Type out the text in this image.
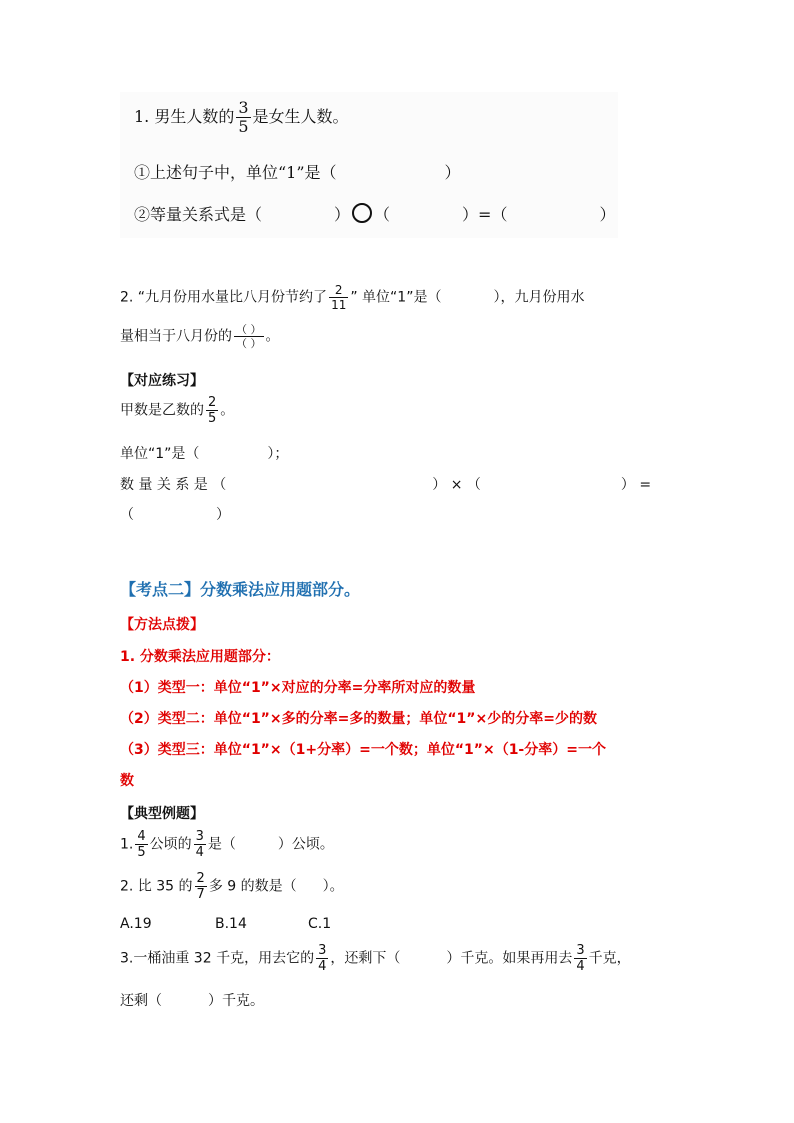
1. 男生人数的 $\frac{3}{5}$ 是女生人数。
①上述句子中，单位“1”是（	）
②等量关系式是（	） （	）=（	）
2. “九月份用水量比八月份节约了 $\frac{2}{11}$ ” 单位“1”是（	），九月份用水
量相当于八月份的 $\frac{( )}{( )}$ 。
【对应练习】
甲数是乙数的 $\frac{2}{5}$ 。
单位“1”是（	）；
数 量 关 系 是 （	） × （	） =
（	）
【考点二】分数乘法应用题部分。
【方法点拨】
1. 分数乘法应用题部分：
（1）类型一：单位“1”×对应的分率=分率所对应的数量
（2）类型二：单位“1”×多的分率=多的数量；单位“1”×少的分率=少的数
（3）类型三：单位“1”×（1+分率）=一个数；单位“1”×（1-分率）=一个
数
【典型例题】
1. $\frac{4}{5}$ 公顷的 $\frac{3}{4}$ 是（	）公顷。
2. 比 35 的 $\frac{2}{7}$ 多 9 的数是（ ）。
A.19	B.14	C.1
3.一桶油重 32 千克，用去它的 $\frac{3}{4}$ ，还剩下（	）千克。如果再用去 $\frac{3}{4}$ 千克，
还剩（	）千克。
